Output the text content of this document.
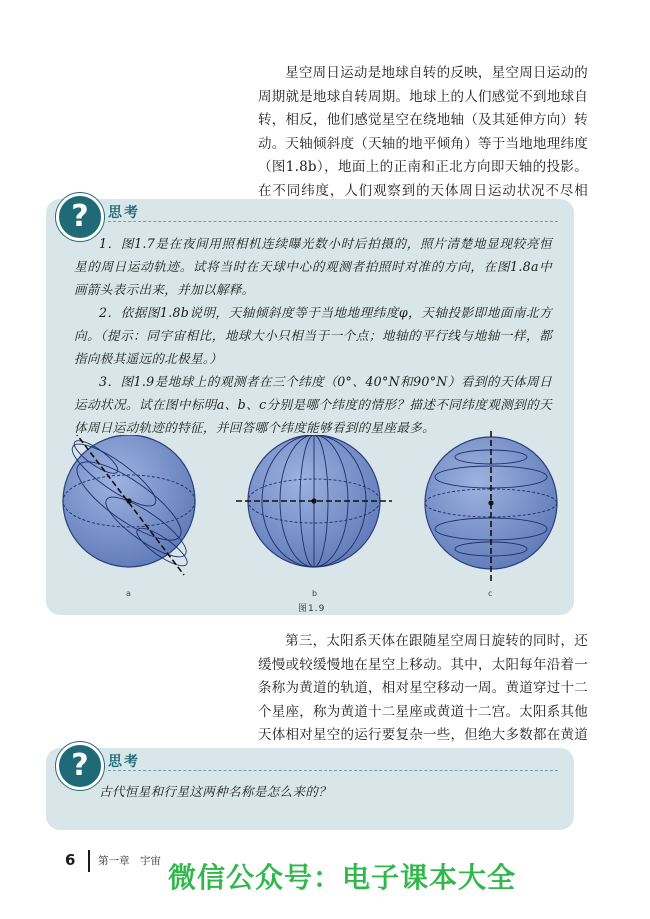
星空周日运动是地球自转的反映，星空周日运动的周期就是地球自转周期。地球上的人们感觉不到地球自转，相反，他们感觉星空在绕地轴（及其延伸方向）转动。天轴倾斜度（天轴的地平倾角）等于当地地理纬度（图1.8b），地面上的正南和正北方向即天轴的投影。在不同纬度，人们观察到的天体周日运动状况不尽相

?	思考

1．图1.7是在夜间用照相机连续曝光数小时后拍摄的，照片清楚地显现较亮恒星的周日运动轨迹。试将当时在天球中心的观测者拍照时对准的方向，在图1.8a中画箭头表示出来，并加以解释。

2．依据图1.8b说明，天轴倾斜度等于当地地理纬度φ，天轴投影即地面南北方向。（提示：同宇宙相比，地球大小只相当于一个点；地轴的平行线与地轴一样，都指向极其遥远的北极星。）

3．图1.9是地球上的观测者在三个纬度（0°、40°N和90°N）看到的天体周日运动状况。试在图中标明a、b、c分别是哪个纬度的情形？描述不同纬度观测到的天体周日运动轨迹的特征，并回答哪个纬度能够看到的星座最多。

a	b	c
图1.9

第三，太阳系天体在跟随星空周日旋转的同时，还缓慢或较缓慢地在星空上移动。其中，太阳每年沿着一条称为黄道的轨道，相对星空移动一周。黄道穿过十二个星座，称为黄道十二星座或黄道十二宫。太阳系其他天体相对星空的运行要复杂一些，但绝大多数都在黄道

?	思考

古代恒星和行星这两种名称是怎么来的？

6 第一章　宇宙 微信公众号：电子课本大全
